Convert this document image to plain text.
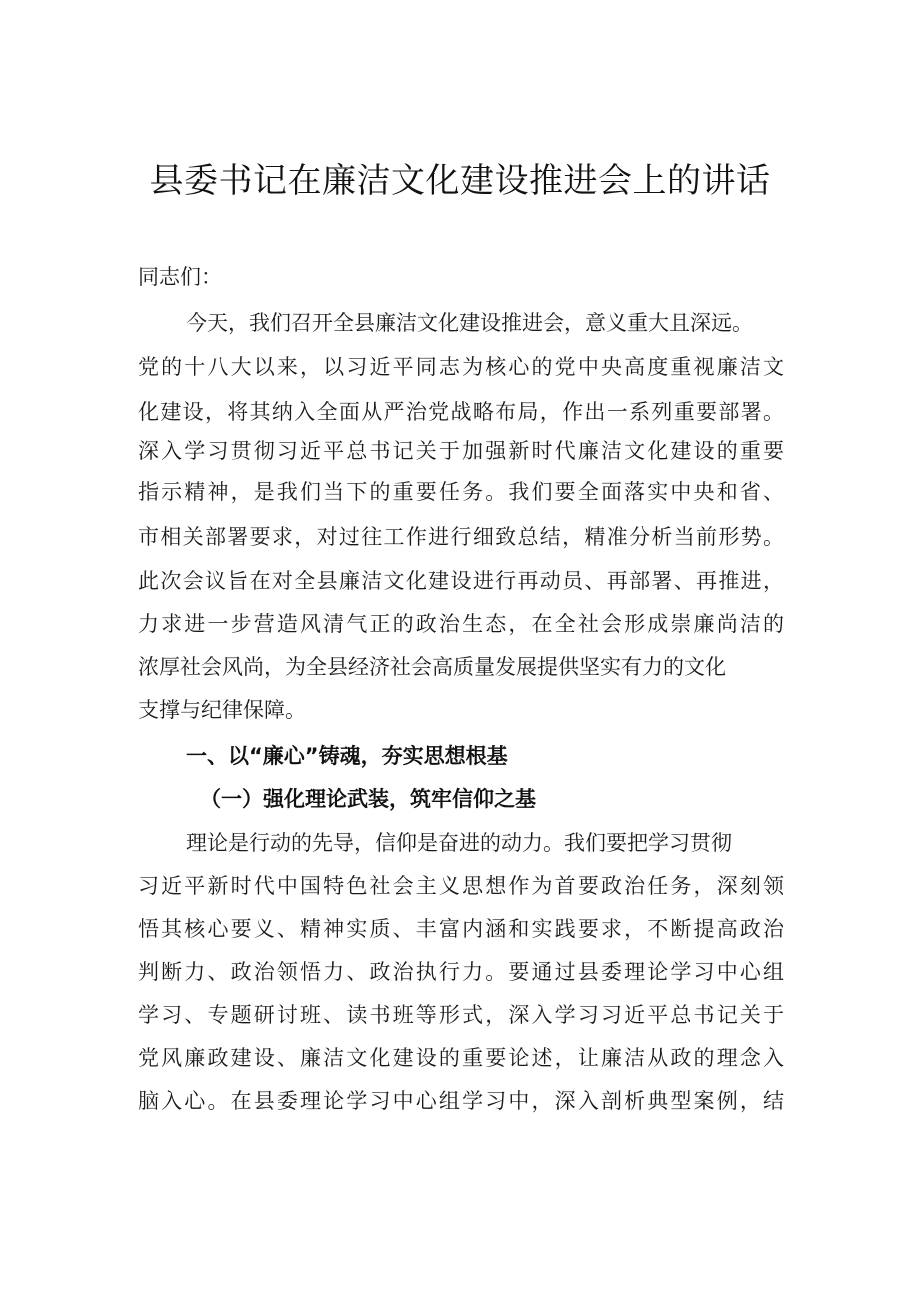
县委书记在廉洁文化建设推进会上的讲话
同志们：
今天，我们召开全县廉洁文化建设推进会，意义重大且深远。
党的十八大以来，以习近平同志为核心的党中央高度重视廉洁文
化建设，将其纳入全面从严治党战略布局，作出一系列重要部署。
深入学习贯彻习近平总书记关于加强新时代廉洁文化建设的重要
指示精神，是我们当下的重要任务。我们要全面落实中央和省、
市相关部署要求，对过往工作进行细致总结，精准分析当前形势。
此次会议旨在对全县廉洁文化建设进行再动员、再部署、再推进，
力求进一步营造风清气正的政治生态，在全社会形成崇廉尚洁的
浓厚社会风尚，为全县经济社会高质量发展提供坚实有力的文化
支撑与纪律保障。
一、以“廉心”铸魂，夯实思想根基
（一）强化理论武装，筑牢信仰之基
理论是行动的先导，信仰是奋进的动力。我们要把学习贯彻
习近平新时代中国特色社会主义思想作为首要政治任务，深刻领
悟其核心要义、精神实质、丰富内涵和实践要求，不断提高政治
判断力、政治领悟力、政治执行力。要通过县委理论学习中心组
学习、专题研讨班、读书班等形式，深入学习习近平总书记关于
党风廉政建设、廉洁文化建设的重要论述，让廉洁从政的理念入
脑入心。在县委理论学习中心组学习中，深入剖析典型案例，结
